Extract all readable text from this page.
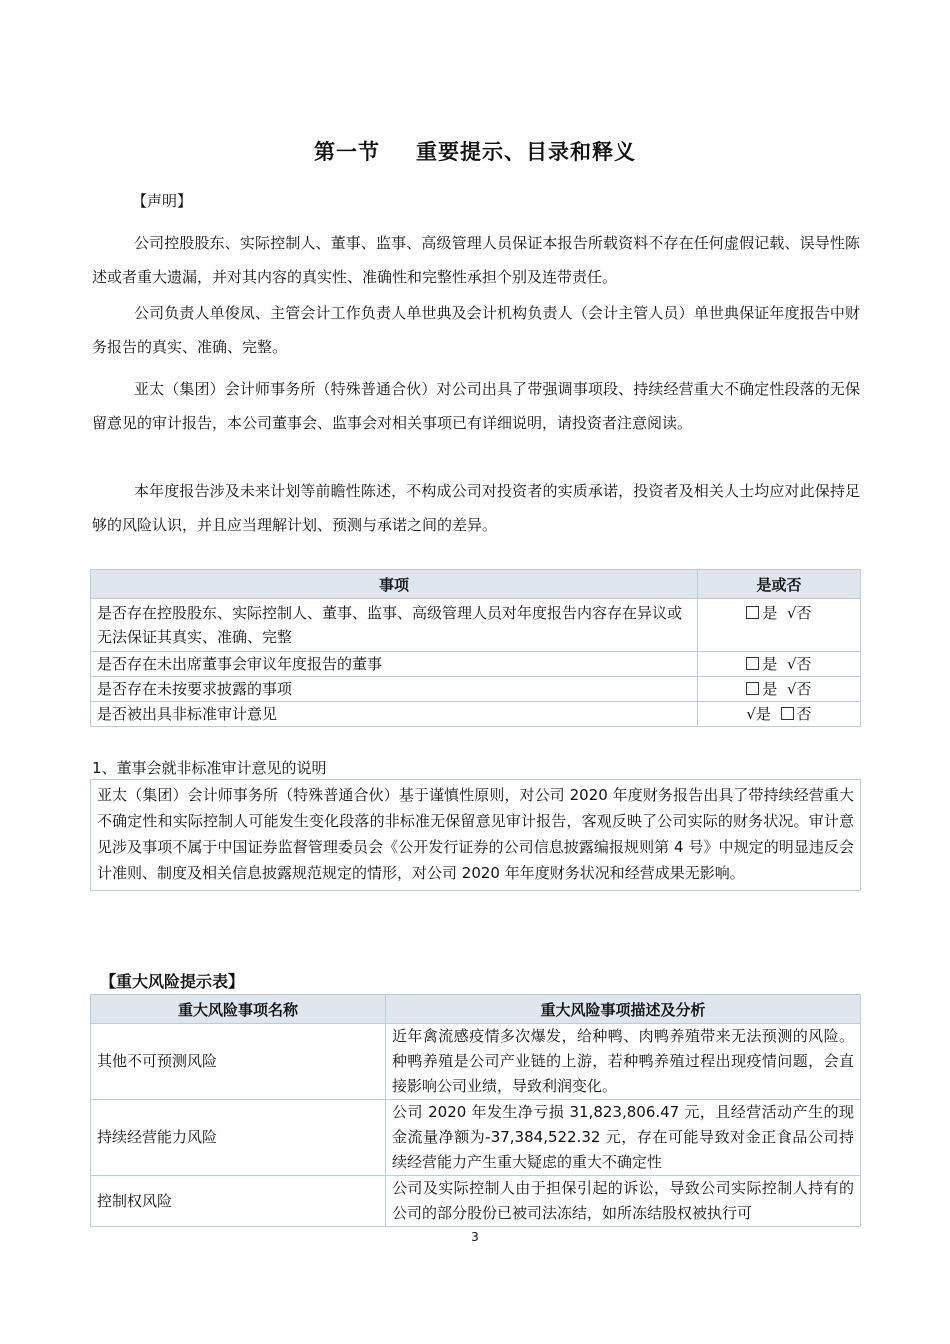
第一节 重要提示、目录和释义
【声明】

公司控股股东、实际控制人、董事、监事、高级管理人员保证本报告所载资料不存在任何虚假记载、误导性陈述或者重大遗漏，并对其内容的真实性、准确性和完整性承担个别及连带责任。

公司负责人单俊凤、主管会计工作负责人单世典及会计机构负责人（会计主管人员）单世典保证年度报告中财务报告的真实、准确、完整。

亚太（集团）会计师事务所（特殊普通合伙）对公司出具了带强调事项段、持续经营重大不确定性段落的无保留意见的审计报告，本公司董事会、监事会对相关事项已有详细说明，请投资者注意阅读。

本年度报告涉及未来计划等前瞻性陈述，不构成公司对投资者的实质承诺，投资者及相关人士均应对此保持足够的风险认识，并且应当理解计划、预测与承诺之间的差异。

事项	是或否
是否存在控股股东、实际控制人、董事、监事、高级管理人员对年度报告内容存在异议或无法保证其真实、准确、完整	是 √否
是否存在未出席董事会审议年度报告的董事	是 √否
是否存在未按要求披露的事项	是 √否
是否被出具非标准审计意见	√是 否
1、董事会就非标准审计意见的说明
亚太（集团）会计师事务所（特殊普通合伙）基于谨慎性原则，对公司 2020 年度财务报告出具了带持续经营重大不确定性和实际控制人可能发生变化段落的非标准无保留意见审计报告，客观反映了公司实际的财务状况。审计意见涉及事项不属于中国证券监督管理委员会《公开发行证券的公司信息披露编报规则第 4 号》中规定的明显违反会计准则、制度及相关信息披露规范规定的情形，对公司 2020 年年度财务状况和经营成果无影响。
【重大风险提示表】
重大风险事项名称	重大风险事项描述及分析
其他不可预测风险	近年禽流感疫情多次爆发，给种鸭、肉鸭养殖带来无法预测的风险。种鸭养殖是公司产业链的上游，若种鸭养殖过程出现疫情问题，会直接影响公司业绩，导致利润变化。
持续经营能力风险	公司 2020 年发生净亏损 31,823,806.47 元，且经营活动产生的现金流量净额为-37,384,522.32 元，存在可能导致对金正食品公司持续经营能力产生重大疑虑的重大不确定性
控制权风险	公司及实际控制人由于担保引起的诉讼，导致公司实际控制人持有的公司的部分股份已被司法冻结，如所冻结股权被执行可
3
